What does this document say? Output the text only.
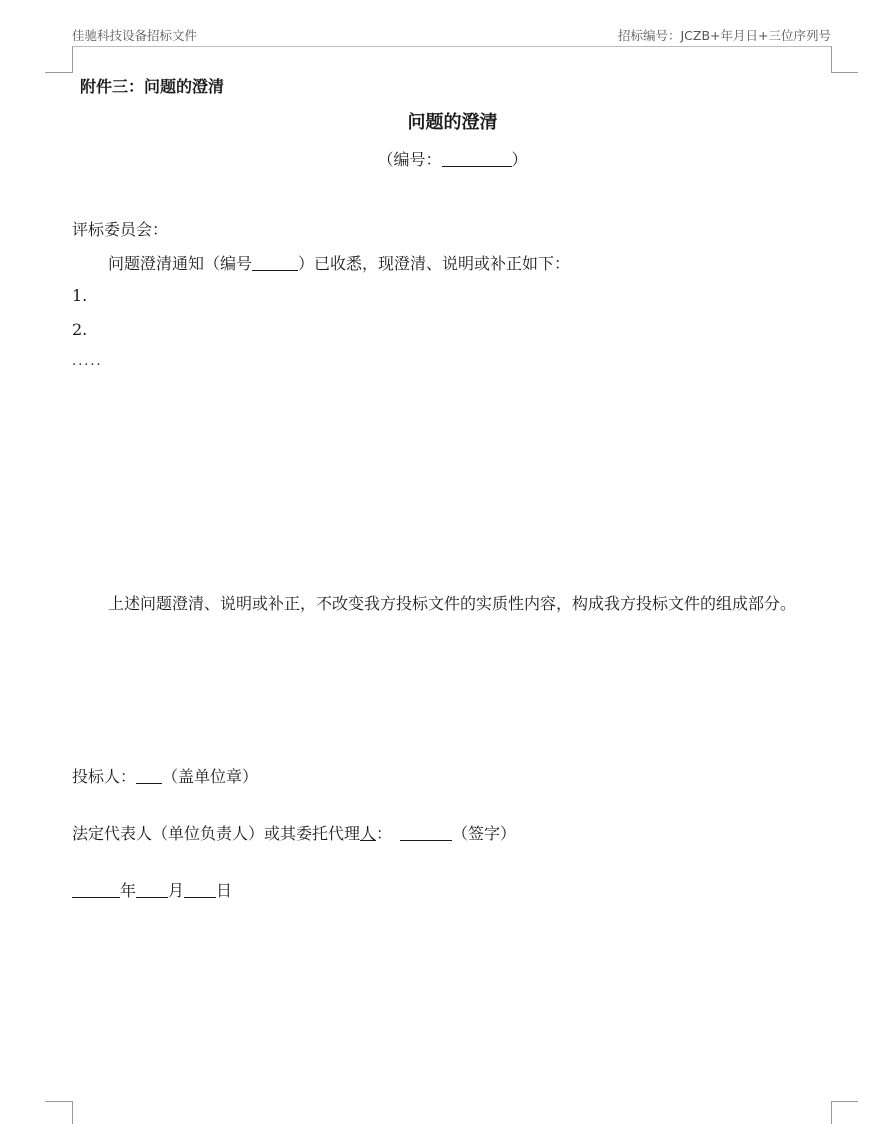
佳驰科技设备招标文件	招标编号：JCZB+年月日+三位序列号
附件三：问题的澄清
问题的澄清
（编号：	）
评标委员会：
问题澄清通知（编号	）已收悉，现澄清、说明或补正如下：
1.
2.
.....
上述问题澄清、说明或补正，不改变我方投标文件的实质性内容，构成我方投标文件的组成部分。
投标人： （盖单位章）
法定代表人（单位负责人）或其委托代理人：	（签字）
年 月 日
